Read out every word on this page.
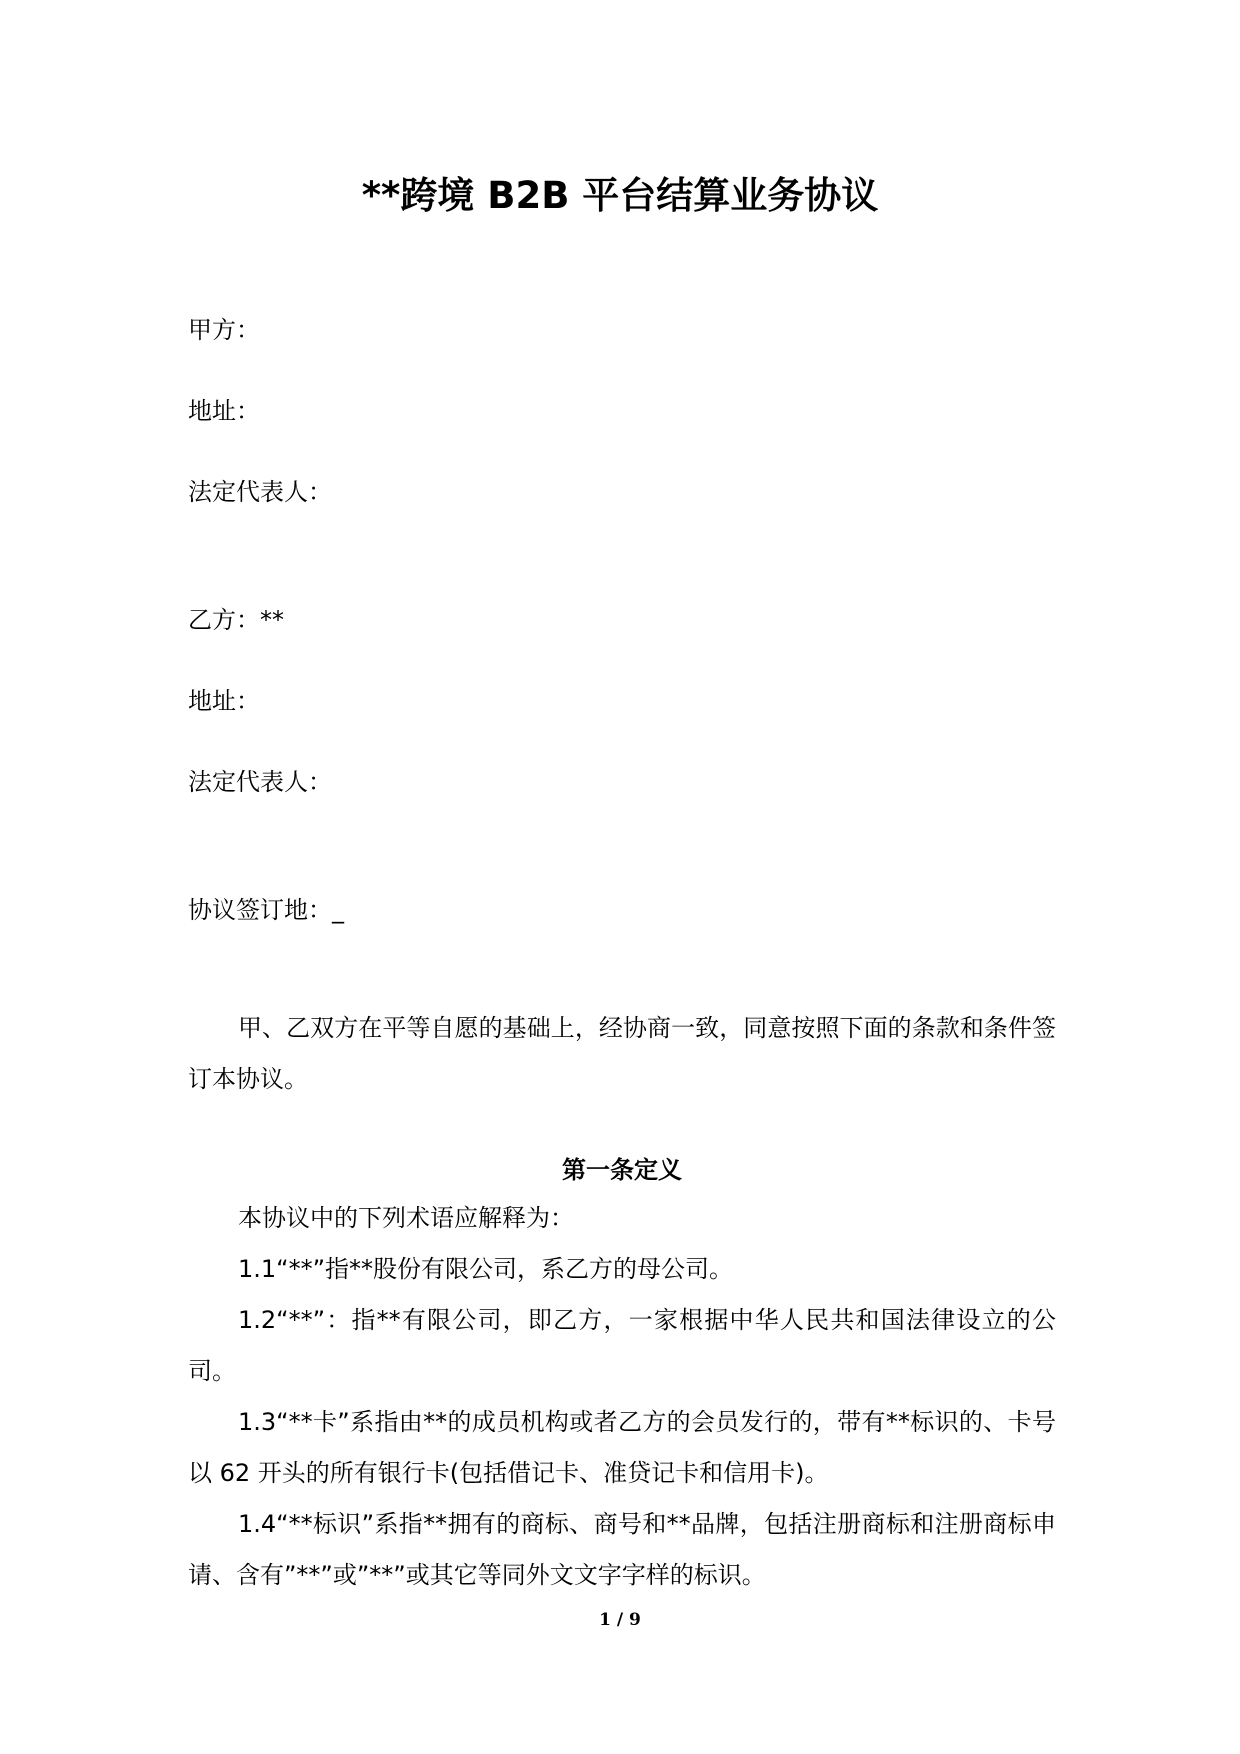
**跨境 B2B 平台结算业务协议
甲方：
地址：
法定代表人：
乙方：**
地址：
法定代表人：
协议签订地：_
甲、乙双方在平等自愿的基础上，经协商一致，同意按照下面的条款和条件签订本协议。
第一条定义
本协议中的下列术语应解释为：
1.1“**”指**股份有限公司，系乙方的母公司。
1.2“**”：指**有限公司，即乙方，一家根据中华人民共和国法律设立的公司。
1.3“**卡”系指由**的成员机构或者乙方的会员发行的，带有**标识的、卡号以 62 开头的所有银行卡(包括借记卡、准贷记卡和信用卡)。
1.4“**标识”系指**拥有的商标、商号和**品牌，包括注册商标和注册商标申请、含有”**”或”**”或其它等同外文文字字样的标识。
1 / 9
